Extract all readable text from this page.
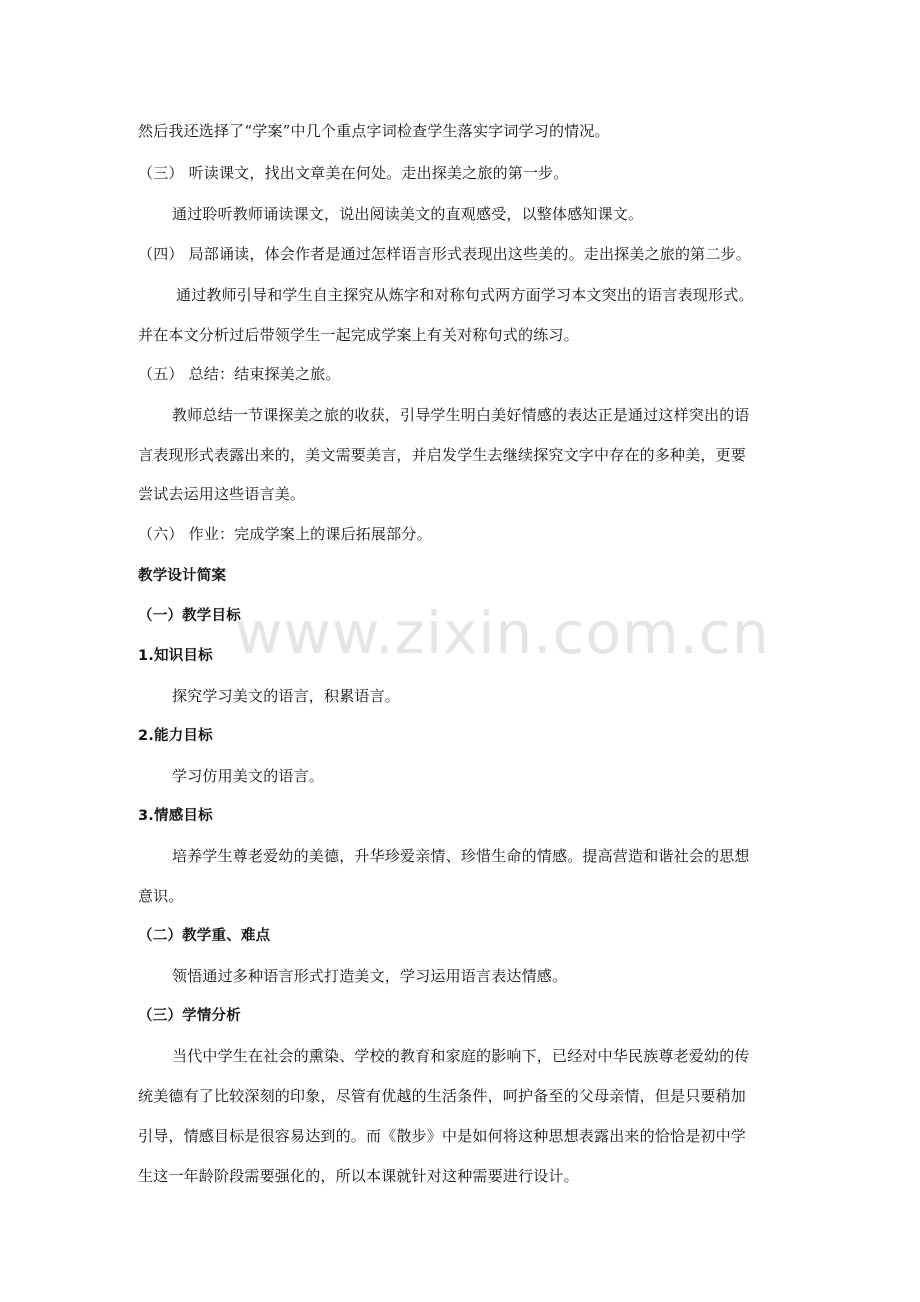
然后我还选择了“学案”中几个重点字词检查学生落实字词学习的情况。
（三） 听读课文，找出文章美在何处。走出探美之旅的第一步。
通过聆听教师诵读课文，说出阅读美文的直观感受，以整体感知课文。
（四） 局部诵读，体会作者是通过怎样语言形式表现出这些美的。走出探美之旅的第二步。
通过教师引导和学生自主探究从炼字和对称句式两方面学习本文突出的语言表现形式。
并在本文分析过后带领学生一起完成学案上有关对称句式的练习。
（五） 总结：结束探美之旅。
教师总结一节课探美之旅的收获，引导学生明白美好情感的表达正是通过这样突出的语
言表现形式表露出来的，美文需要美言，并启发学生去继续探究文字中存在的多种美，更要
尝试去运用这些语言美。
（六） 作业：完成学案上的课后拓展部分。
教学设计简案
（一）教学目标
1.知识目标
探究学习美文的语言，积累语言。
2.能力目标
学习仿用美文的语言。
3.情感目标
培养学生尊老爱幼的美德，升华珍爱亲情、珍惜生命的情感。提高营造和谐社会的思想
意识。
（二）教学重、难点
领悟通过多种语言形式打造美文，学习运用语言表达情感。
（三）学情分析
当代中学生在社会的熏染、学校的教育和家庭的影响下，已经对中华民族尊老爱幼的传
统美德有了比较深刻的印象，尽管有优越的生活条件，呵护备至的父母亲情，但是只要稍加
引导，情感目标是很容易达到的。而《散步》中是如何将这种思想表露出来的恰恰是初中学
生这一年龄阶段需要强化的，所以本课就针对这种需要进行设计。
www.zixin.com.cn
